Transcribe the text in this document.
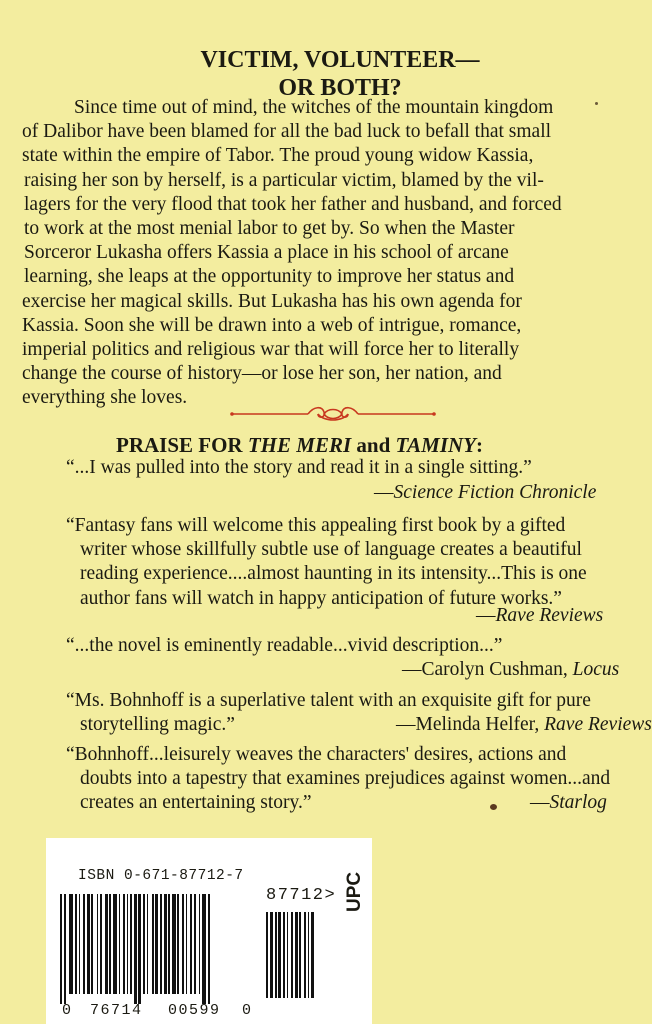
VICTIM, VOLUNTEER—
OR BOTH?
Since time out of mind, the witches of the mountain kingdom
of Dalibor have been blamed for all the bad luck to befall that small
state within the empire of Tabor. The proud young widow Kassia,
raising her son by herself, is a particular victim, blamed by the vil-
lagers for the very flood that took her father and husband, and forced
to work at the most menial labor to get by. So when the Master
Sorceror Lukasha offers Kassia a place in his school of arcane
learning, she leaps at the opportunity to improve her status and
exercise her magical skills. But Lukasha has his own agenda for
Kassia. Soon she will be drawn into a web of intrigue, romance,
imperial politics and religious war that will force her to literally
change the course of history—or lose her son, her nation, and
everything she loves.
PRAISE FOR THE MERI and TAMINY:
“...I was pulled into the story and read it in a single sitting.”
—Science Fiction Chronicle
“Fantasy fans will welcome this appealing first book by a gifted
writer whose skillfully subtle use of language creates a beautiful
reading experience....almost haunting in its intensity...This is one
author fans will watch in happy anticipation of future works.”
—Rave Reviews
“...the novel is eminently readable...vivid description...”
—Carolyn Cushman, Locus
“Ms. Bohnhoff is a superlative talent with an exquisite gift for pure
storytelling magic.”	—Melinda Helfer, Rave Reviews
“Bohnhoff...leisurely weaves the characters' desires, actions and
doubts into a tapestry that examines prejudices against women...and
creates an entertaining story.”	—Starlog
ISBN 0-671-87712-7
0 76714 00599 0
87712> UPC
